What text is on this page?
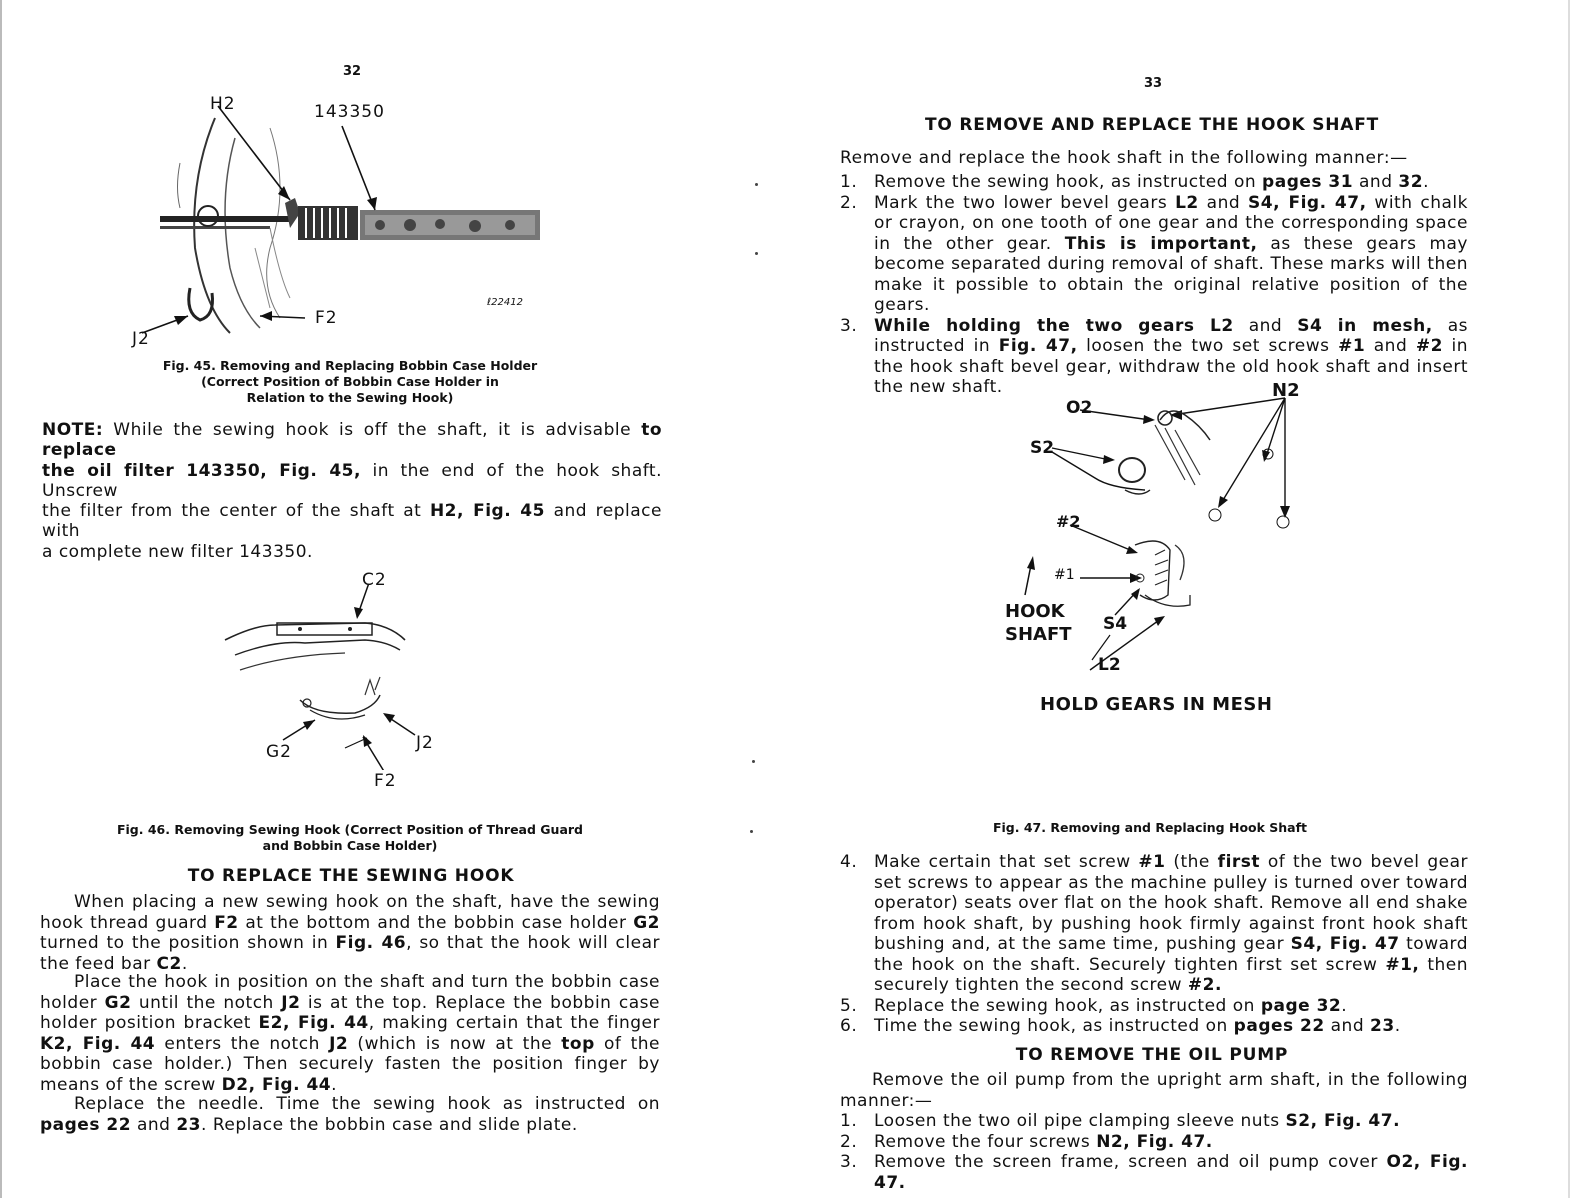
32
H2	143350
ℓ22412
F2
J2
Fig. 45. Removing and Replacing Bobbin Case Holder
(Correct Position of Bobbin Case Holder in
Relation to the Sewing Hook)
NOTE: While the sewing hook is off the shaft, it is advisable to replace
the oil filter 143350, Fig. 45, in the end of the hook shaft. Unscrew
the filter from the center of the shaft at H2, Fig. 45 and replace with
a complete new filter 143350.
C2
G2	J2
F2
Fig. 46. Removing Sewing Hook (Correct Position of Thread Guard
and Bobbin Case Holder)
TO REPLACE THE SEWING HOOK
When placing a new sewing hook on the shaft, have the sewing hook thread guard F2 at the bottom and the bobbin case holder G2 turned to the position shown in Fig. 46, so that the hook will clear the feed bar C2.
Place the hook in position on the shaft and turn the bobbin case holder G2 until the notch J2 is at the top. Replace the bobbin case holder position bracket E2, Fig. 44, making certain that the finger K2, Fig. 44 enters the notch J2 (which is now at the top of the bobbin case holder.) Then securely fasten the position finger by means of the screw D2, Fig. 44.
Replace the needle. Time the sewing hook as instructed on pages 22 and 23. Replace the bobbin case and slide plate.
33
TO REMOVE AND REPLACE THE HOOK SHAFT
Remove and replace the hook shaft in the following manner:—
1. Remove the sewing hook, as instructed on pages 31 and 32.
2. Mark the two lower bevel gears L2 and S4, Fig. 47, with chalk or crayon, on one tooth of one gear and the corresponding space in the other gear. This is important, as these gears may become separated during removal of shaft. These marks will then make it possible to obtain the original relative position of the gears.
3. While holding the two gears L2 and S4 in mesh, as instructed in Fig. 47, loosen the two set screws #1 and #2 in the hook shaft bevel gear, withdraw the old hook shaft and insert the new shaft.	N2
O2
S2
#2
#1
HOOK
SHAFT S4
L2
HOLD GEARS IN MESH
Fig. 47. Removing and Replacing Hook Shaft
4. Make certain that set screw #1 (the first of the two bevel gear set screws to appear as the machine pulley is turned over toward operator) seats over flat on the hook shaft. Remove all end shake from hook shaft, by pushing hook firmly against front hook shaft bushing and, at the same time, pushing gear S4, Fig. 47 toward the hook on the shaft. Securely tighten first set screw #1, then securely tighten the second screw #2.
5. Replace the sewing hook, as instructed on page 32.
6. Time the sewing hook, as instructed on pages 22 and 23.
TO REMOVE THE OIL PUMP
Remove the oil pump from the upright arm shaft, in the following manner:—
1. Loosen the two oil pipe clamping sleeve nuts S2, Fig. 47.
2. Remove the four screws N2, Fig. 47.
3. Remove the screen frame, screen and oil pump cover O2, Fig. 47.
